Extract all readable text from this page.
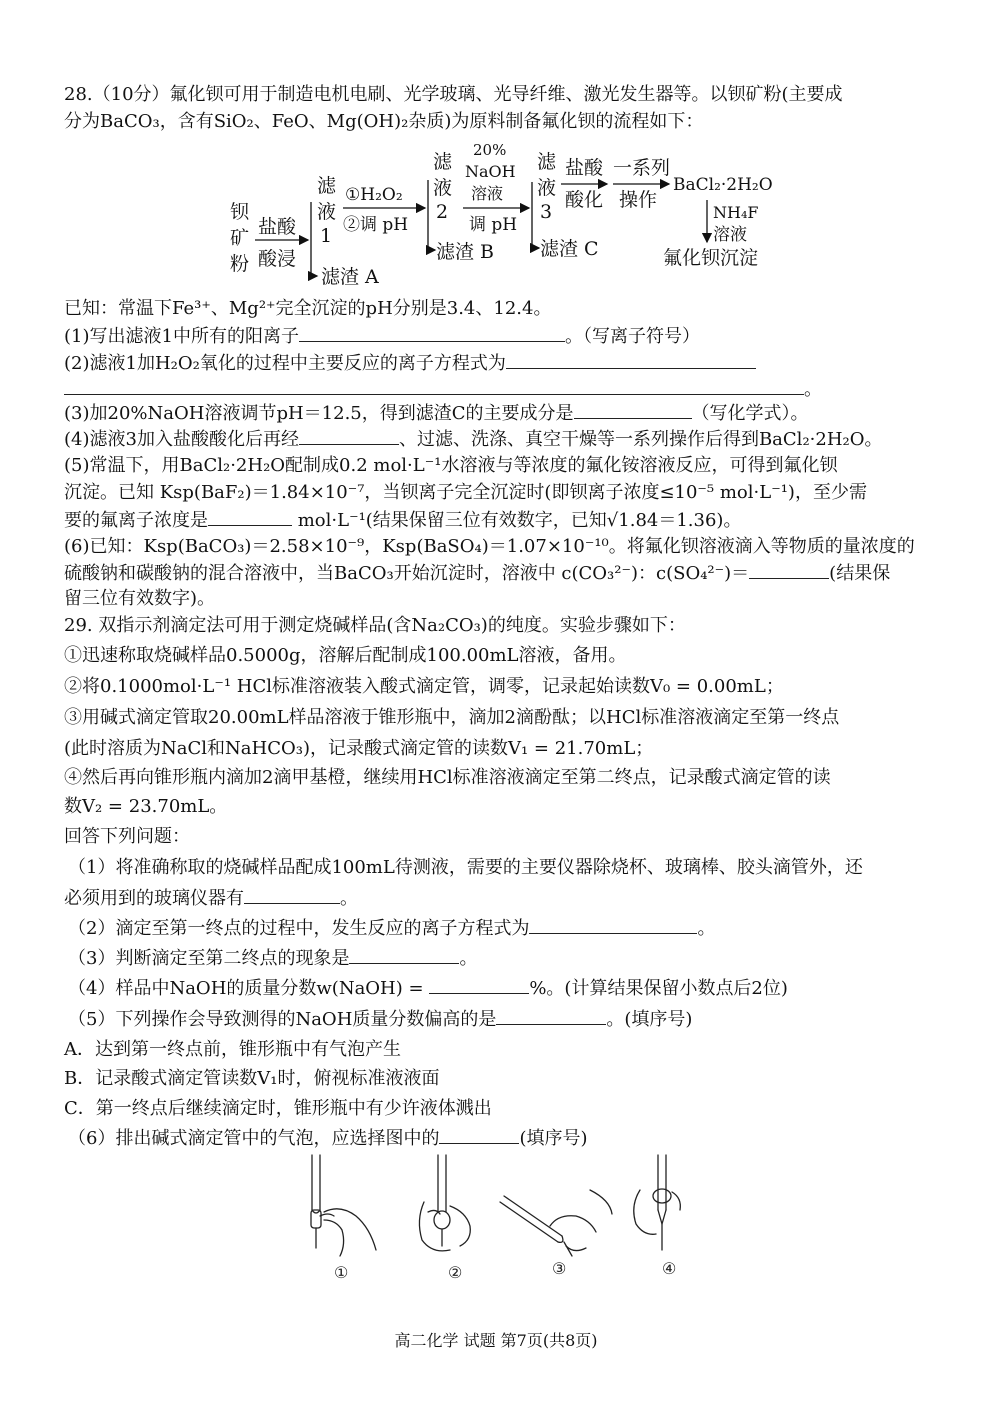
28.（10分）氟化钡可用于制造电机电刷、光学玻璃、光导纤维、激光发生器等。以钡矿粉(主要成
分为BaCO₃，含有SiO₂、FeO、Mg(OH)₂杂质)为原料制备氟化钡的流程如下：
钡
矿
粉
盐酸
酸浸
滤
液
1
滤渣 A
①H₂O₂
②调 pH
滤
液
2
滤渣 B
20%
NaOH
溶液
调 pH
滤
液
3
滤渣 C
盐酸
酸化
一系列
操作
BaCl₂·2H₂O
NH₄F
溶液
氟化钡沉淀
已知：常温下Fe³⁺、Mg²⁺完全沉淀的pH分别是3.4、12.4。
(1)写出滤液1中所有的阳离子	。（写离子符号）
(2)滤液1加H₂O₂氧化的过程中主要反应的离子方程式为
。
(3)加20%NaOH溶液调节pH＝12.5，得到滤渣C的主要成分是	（写化学式）。
(4)滤液3加入盐酸酸化后再经	、过滤、洗涤、真空干燥等一系列操作后得到BaCl₂·2H₂O。
(5)常温下，用BaCl₂·2H₂O配制成0.2 mol·L⁻¹水溶液与等浓度的氟化铵溶液反应，可得到氟化钡
沉淀。已知 Ksp(BaF₂)＝1.84×10⁻⁷，当钡离子完全沉淀时(即钡离子浓度≤10⁻⁵ mol·L⁻¹)，至少需
要的氟离子浓度是	mol·L⁻¹(结果保留三位有效数字，已知√1.84＝1.36)。
(6)已知：Ksp(BaCO₃)＝2.58×10⁻⁹，Ksp(BaSO₄)＝1.07×10⁻¹⁰。将氟化钡溶液滴入等物质的量浓度的
硫酸钠和碳酸钠的混合溶液中，当BaCO₃开始沉淀时，溶液中 c(CO₃²⁻)：c(SO₄²⁻)＝	(结果保
留三位有效数字)。
29. 双指示剂滴定法可用于测定烧碱样品(含Na₂CO₃)的纯度。实验步骤如下：
①迅速称取烧碱样品0.5000g，溶解后配制成100.00mL溶液，备用。
②将0.1000mol·L⁻¹ HCl标准溶液装入酸式滴定管，调零，记录起始读数V₀ = 0.00mL；
③用碱式滴定管取20.00mL样品溶液于锥形瓶中，滴加2滴酚酞；以HCl标准溶液滴定至第一终点
(此时溶质为NaCl和NaHCO₃)，记录酸式滴定管的读数V₁ = 21.70mL；
④然后再向锥形瓶内滴加2滴甲基橙，继续用HCl标准溶液滴定至第二终点，记录酸式滴定管的读
数V₂ = 23.70mL。
回答下列问题：
（1）将准确称取的烧碱样品配成100mL待测液，需要的主要仪器除烧杯、玻璃棒、胶头滴管外，还
必须用到的玻璃仪器有	。
（2）滴定至第一终点的过程中，发生反应的离子方程式为	。
（3）判断滴定至第二终点的现象是	。
（4）样品中NaOH的质量分数w(NaOH) =	%。(计算结果保留小数点后2位)
（5）下列操作会导致测得的NaOH质量分数偏高的是	。(填序号)
A．达到第一终点前，锥形瓶中有气泡产生
B．记录酸式滴定管读数V₁时，俯视标准液液面
C．第一终点后继续滴定时，锥形瓶中有少许液体溅出
（6）排出碱式滴定管中的气泡，应选择图中的	(填序号)
①	②	③	④
高二化学 试题 第7页(共8页)
